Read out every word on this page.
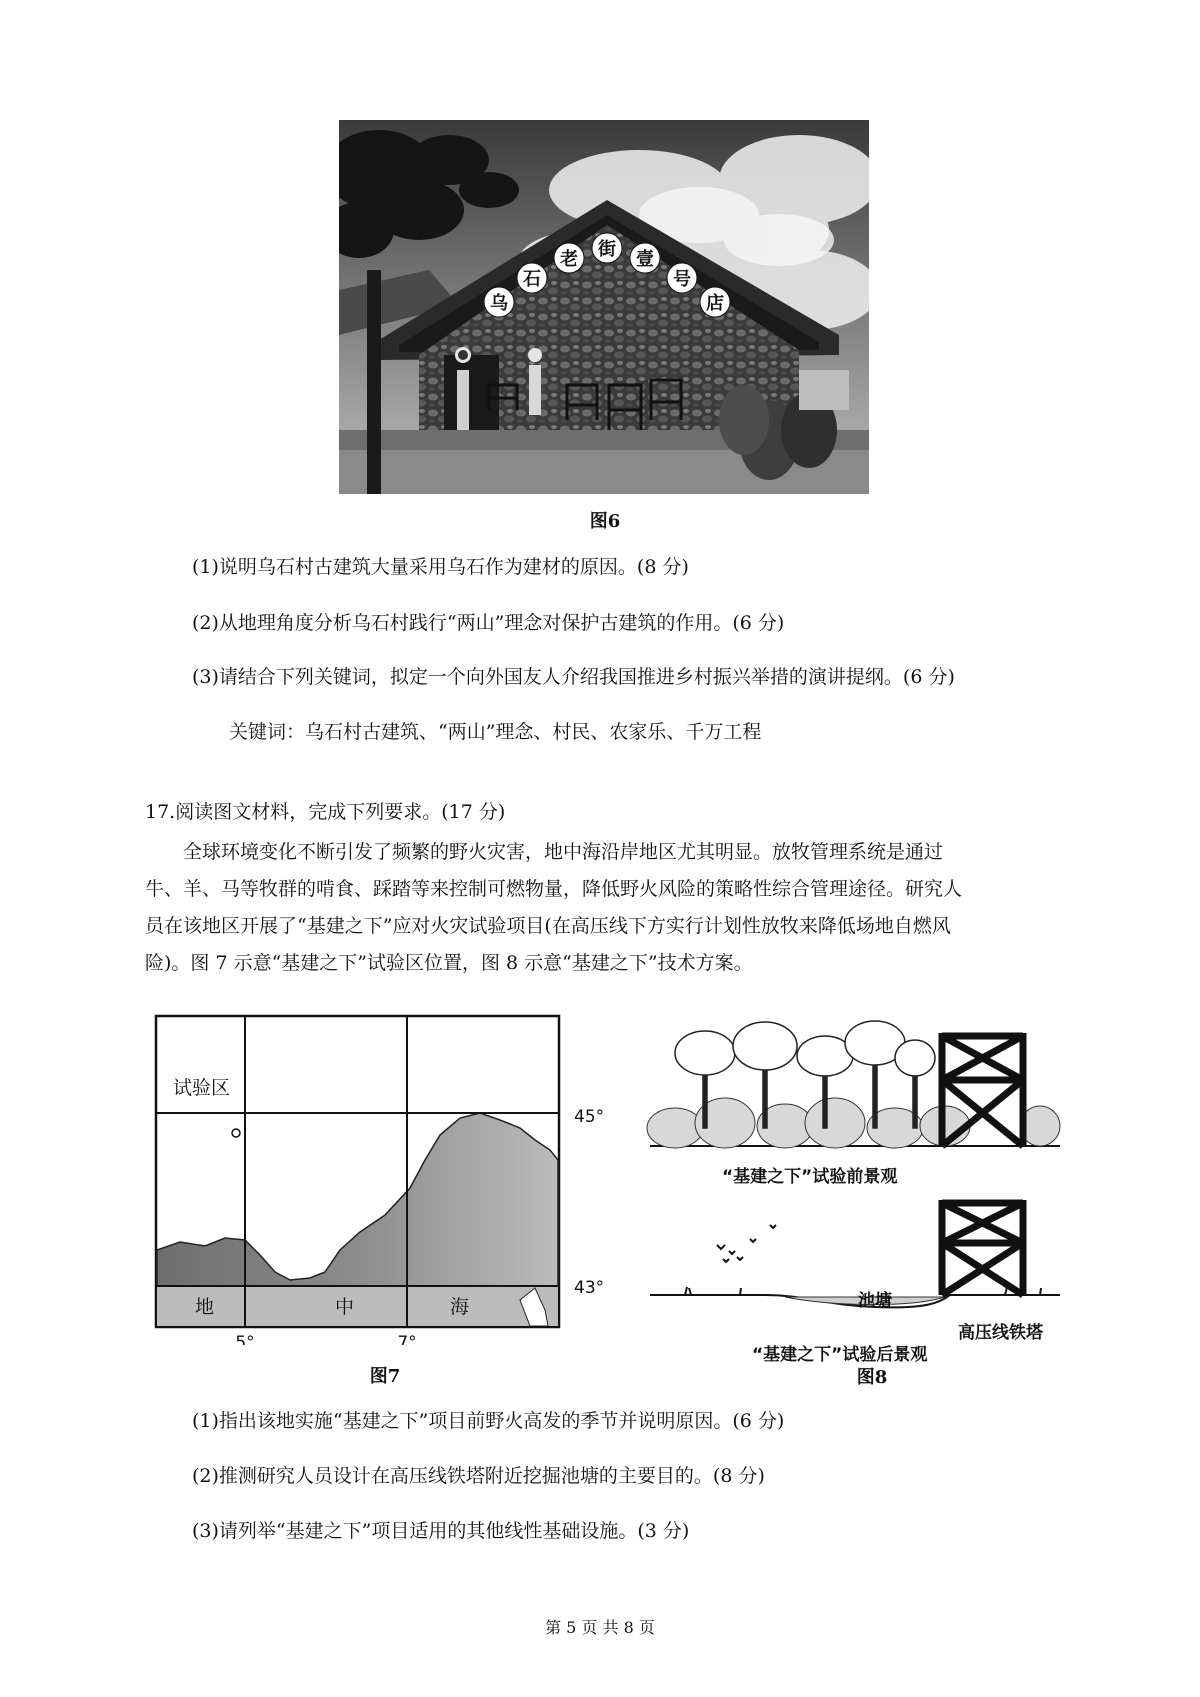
乌
石
老 街 壹
号
店
图6
(1)说明乌石村古建筑大量采用乌石作为建材的原因。(8 分)
(2)从地理角度分析乌石村践行“两山”理念对保护古建筑的作用。(6 分)
(3)请结合下列关键词，拟定一个向外国友人介绍我国推进乡村振兴举措的演讲提纲。(6 分)
关键词：乌石村古建筑、“两山”理念、村民、农家乐、千万工程
17.阅读图文材料，完成下列要求。(17 分)
全球环境变化不断引发了频繁的野火灾害，地中海沿岸地区尤其明显。放牧管理系统是通过
牛、羊、马等牧群的啃食、踩踏等来控制可燃物量，降低野火风险的策略性综合管理途径。研究人
员在该地区开展了“基建之下”应对火灾试验项目(在高压线下方实行计划性放牧来降低场地自燃风
险)。图 7 示意“基建之下”试验区位置，图 8 示意“基建之下”技术方案。
试验区
地	中	海
45°
43°
5°	7°
图7
“基建之下”试验前景观
池塘
高压线铁塔
“基建之下”试验后景观
图8
(1)指出该地实施“基建之下”项目前野火高发的季节并说明原因。(6 分)
(2)推测研究人员设计在高压线铁塔附近挖掘池塘的主要目的。(8 分)
(3)请列举“基建之下”项目适用的其他线性基础设施。(3 分)
第 5 页 共 8 页
